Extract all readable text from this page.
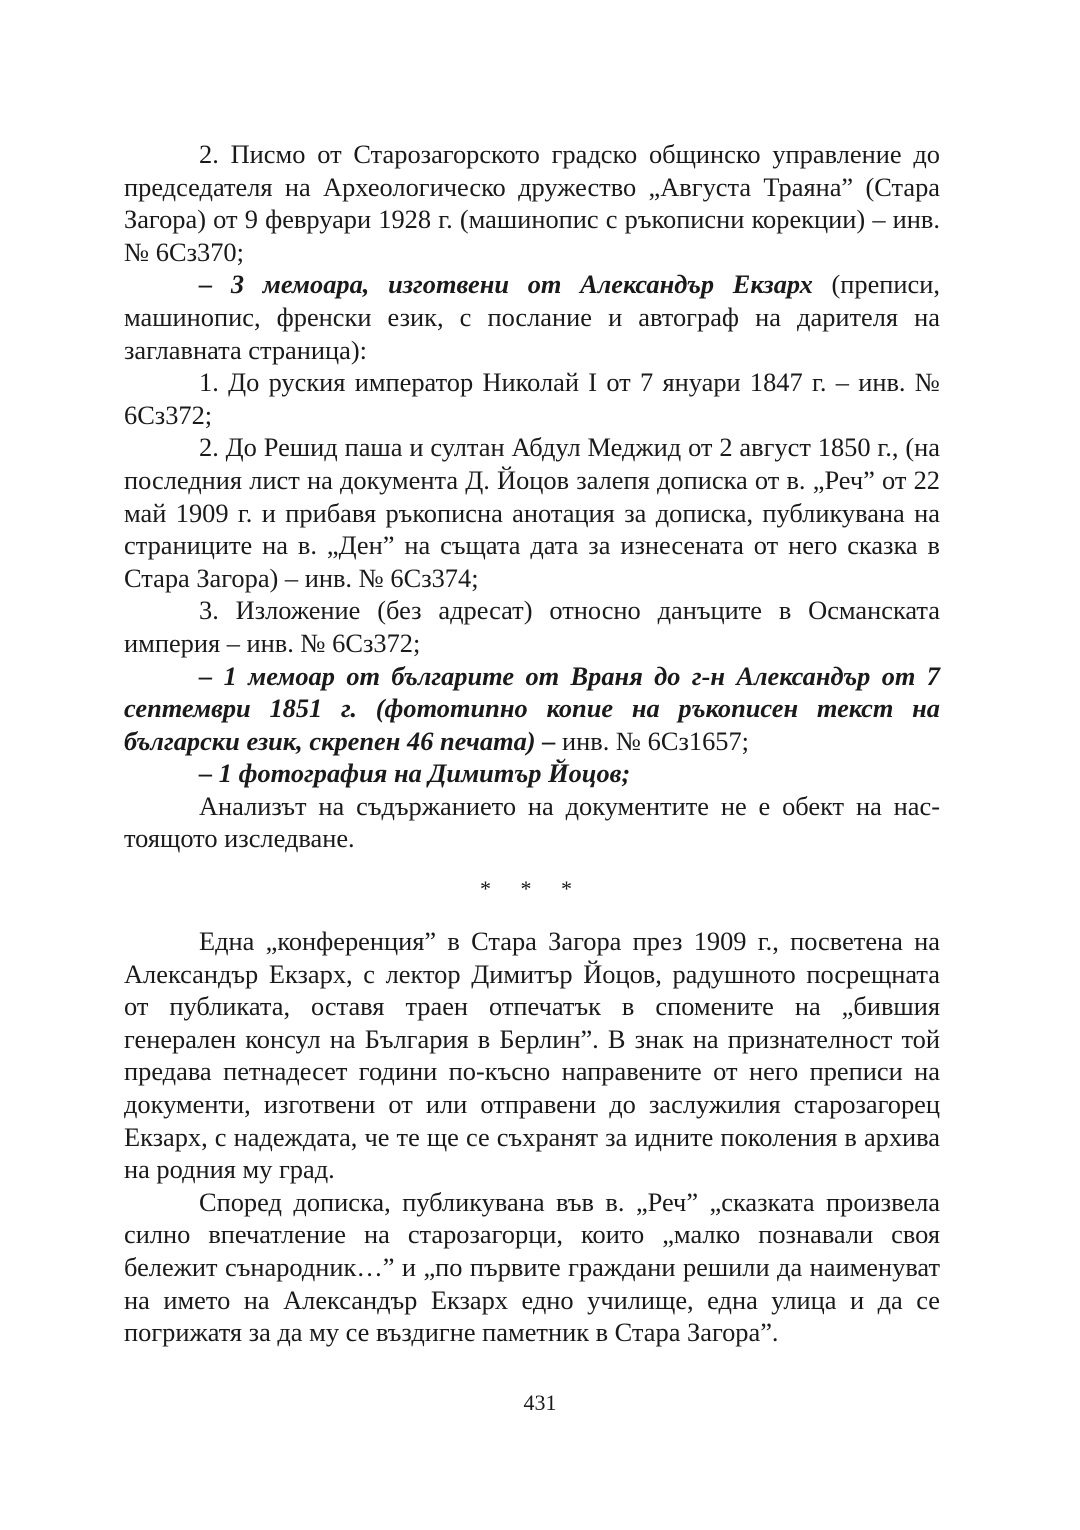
2. Писмо от Старозагорското градско общинско управление до председателя на Археологическо дружество „Августа Траяна” (Стара Загора) от 9 февруари 1928 г. (машинопис с ръкописни корекции) – инв. № 6Сз370;

– 3 мемоара, изготвени от Александър Екзарх (преписи, машинопис, френски език, с послание и автограф на дарителя на заглавната страница):

1. До руския император Николай I от 7 януари 1847 г. – инв. № 6Сз372;

2. До Решид паша и султан Абдул Меджид от 2 август 1850 г., (на последния лист на документа Д. Йоцов залепя дописка от в. „Реч” от 22 май 1909 г. и прибавя ръкописна анотация за дописка, публикувана на страниците на в. „Ден” на същата дата за изнесената от него сказка в Стара Загора) – инв. № 6Сз374;

3. Изложение (без адресат) относно данъците в Османската империя – инв. № 6Сз372;

– 1 мемоар от българите от Враня до г-н Александър от 7 септември 1851 г. (фототипно копие на ръкописен текст на български език, скрепен 46 печата) – инв. № 6Сз1657;

– 1 фотография на Димитър Йоцов;

Анализът на съдържанието на документите не е обект на настоящото изследване.

* * *

Една „конференция” в Стара Загора през 1909 г., посветена на Александър Екзарх, с лектор Димитър Йоцов, радушното посрещната от публиката, оставя траен отпечатък в спомените на „бившия генерален консул на България в Берлин”. В знак на признателност той предава петнадесет години по-късно направените от него преписи на документи, изготвени от или отправени до заслужилия старозагорец Екзарх, с надеждата, че те ще се съхранят за идните поколения в архива на родния му град.

Според дописка, публикувана във в. „Реч” „сказката произвела силно впечатление на старозагорци, които „малко познавали своя бележит сънародник…” и „по първите граждани решили да наименуват на името на Александър Екзарх едно училище, една улица и да се погрижатя за да му се въздигне паметник в Стара Загора”.

431
